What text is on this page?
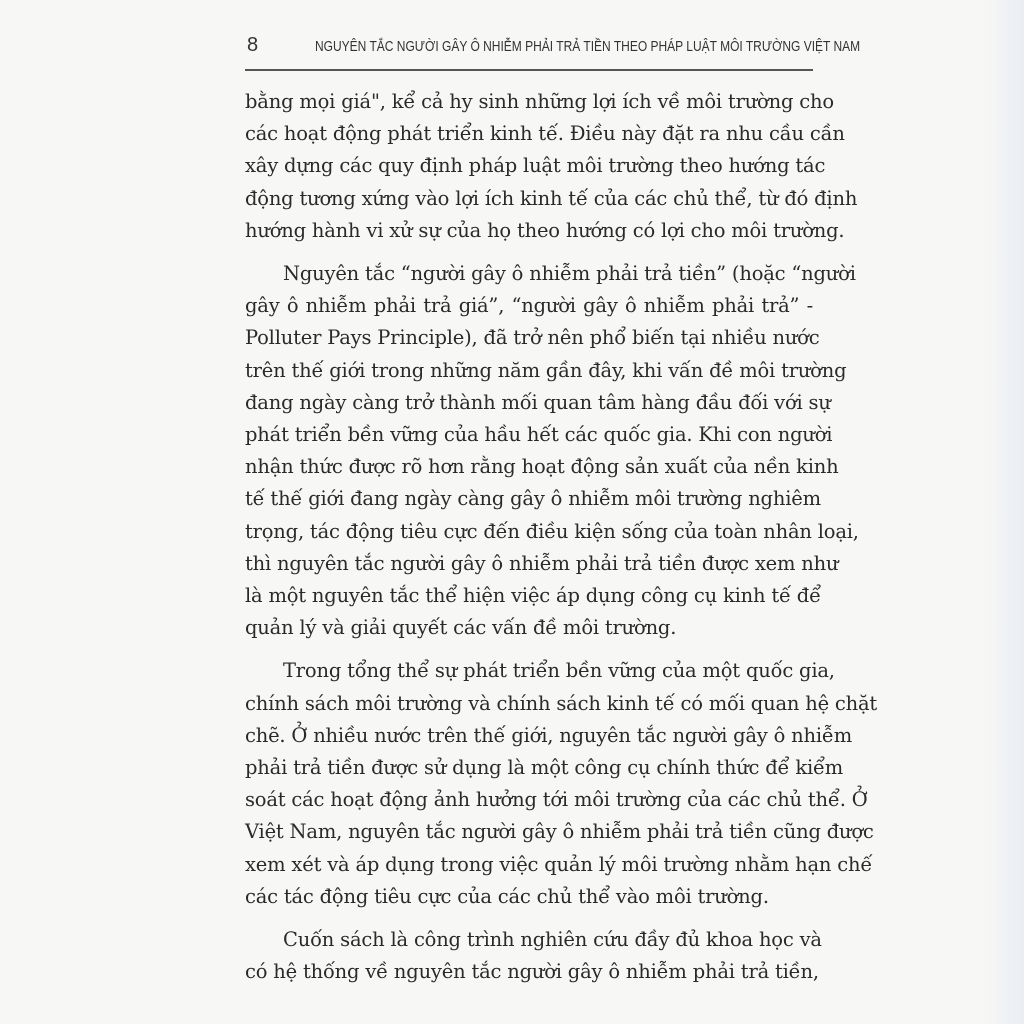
8	NGUYÊN TẮC NGƯỜI GÂY Ô NHIỄM PHẢI TRẢ TIỀN THEO PHÁP LUẬT MÔI TRƯỜNG VIỆT NAM
bằng mọi giá", kể cả hy sinh những lợi ích về môi trường cho
các hoạt động phát triển kinh tế. Điều này đặt ra nhu cầu cần
xây dựng các quy định pháp luật môi trường theo hướng tác
động tương xứng vào lợi ích kinh tế của các chủ thể, từ đó định
hướng hành vi xử sự của họ theo hướng có lợi cho môi trường.
Nguyên tắc “người gây ô nhiễm phải trả tiền” (hoặc “người
gây ô nhiễm phải trả giá”, “người gây ô nhiễm phải trả” -
Polluter Pays Principle), đã trở nên phổ biến tại nhiều nước
trên thế giới trong những năm gần đây, khi vấn đề môi trường
đang ngày càng trở thành mối quan tâm hàng đầu đối với sự
phát triển bền vững của hầu hết các quốc gia. Khi con người
nhận thức được rõ hơn rằng hoạt động sản xuất của nền kinh
tế thế giới đang ngày càng gây ô nhiễm môi trường nghiêm
trọng, tác động tiêu cực đến điều kiện sống của toàn nhân loại,
thì nguyên tắc người gây ô nhiễm phải trả tiền được xem như
là một nguyên tắc thể hiện việc áp dụng công cụ kinh tế để
quản lý và giải quyết các vấn đề môi trường.
Trong tổng thể sự phát triển bền vững của một quốc gia,
chính sách môi trường và chính sách kinh tế có mối quan hệ chặt
chẽ. Ở nhiều nước trên thế giới, nguyên tắc người gây ô nhiễm
phải trả tiền được sử dụng là một công cụ chính thức để kiểm
soát các hoạt động ảnh hưởng tới môi trường của các chủ thể. Ở
Việt Nam, nguyên tắc người gây ô nhiễm phải trả tiền cũng được
xem xét và áp dụng trong việc quản lý môi trường nhằm hạn chế
các tác động tiêu cực của các chủ thể vào môi trường.
Cuốn sách là công trình nghiên cứu đầy đủ khoa học và
có hệ thống về nguyên tắc người gây ô nhiễm phải trả tiền,
